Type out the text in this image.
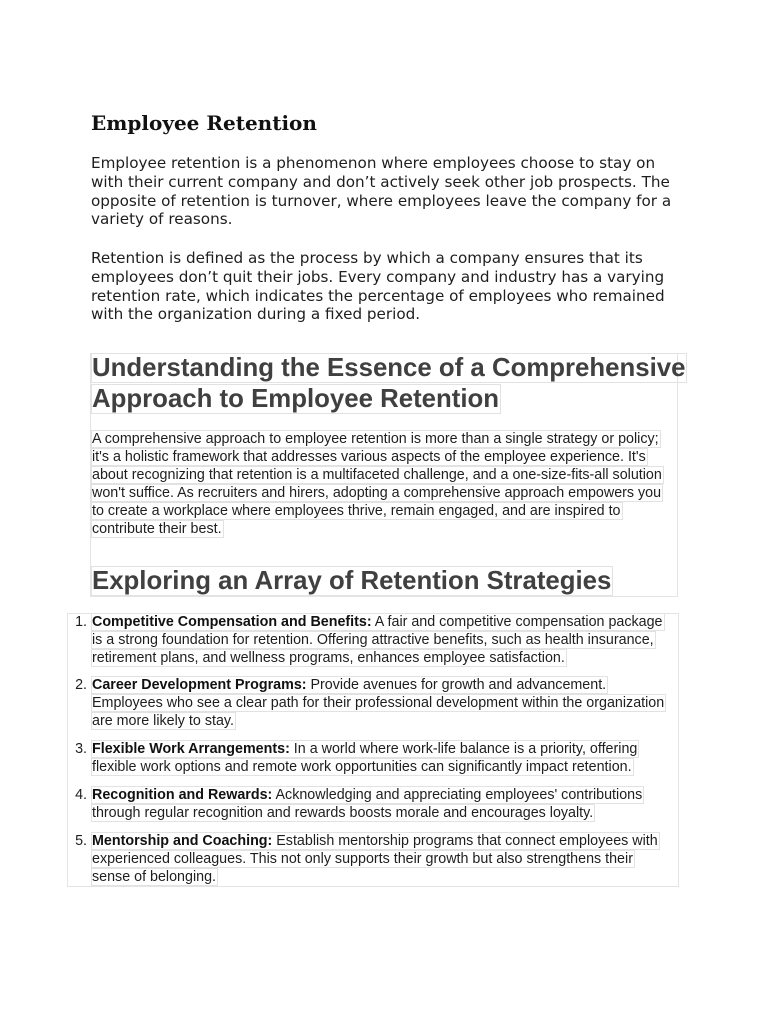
Employee Retention

Employee retention is a phenomenon where employees choose to stay on with their current company and don’t actively seek other job prospects. The opposite of retention is turnover, where employees leave the company for a variety of reasons.

Retention is defined as the process by which a company ensures that its employees don’t quit their jobs. Every company and industry has a varying retention rate, which indicates the percentage of employees who remained with the organization during a fixed period.

Understanding the Essence of a Comprehensive Approach to Employee Retention

A comprehensive approach to employee retention is more than a single strategy or policy; it's a holistic framework that addresses various aspects of the employee experience. It's about recognizing that retention is a multifaceted challenge, and a one-size-fits-all solution won't suffice. As recruiters and hirers, adopting a comprehensive approach empowers you to create a workplace where employees thrive, remain engaged, and are inspired to contribute their best.

Exploring an Array of Retention Strategies
1. Competitive Compensation and Benefits: A fair and competitive compensation package is a strong foundation for retention. Offering attractive benefits, such as health insurance, retirement plans, and wellness programs, enhances employee satisfaction.
2. Career Development Programs: Provide avenues for growth and advancement. Employees who see a clear path for their professional development within the organization are more likely to stay.
3. Flexible Work Arrangements: In a world where work-life balance is a priority, offering flexible work options and remote work opportunities can significantly impact retention.
4. Recognition and Rewards: Acknowledging and appreciating employees' contributions through regular recognition and rewards boosts morale and encourages loyalty.
5. Mentorship and Coaching: Establish mentorship programs that connect employees with experienced colleagues. This not only supports their growth but also strengthens their sense of belonging.
